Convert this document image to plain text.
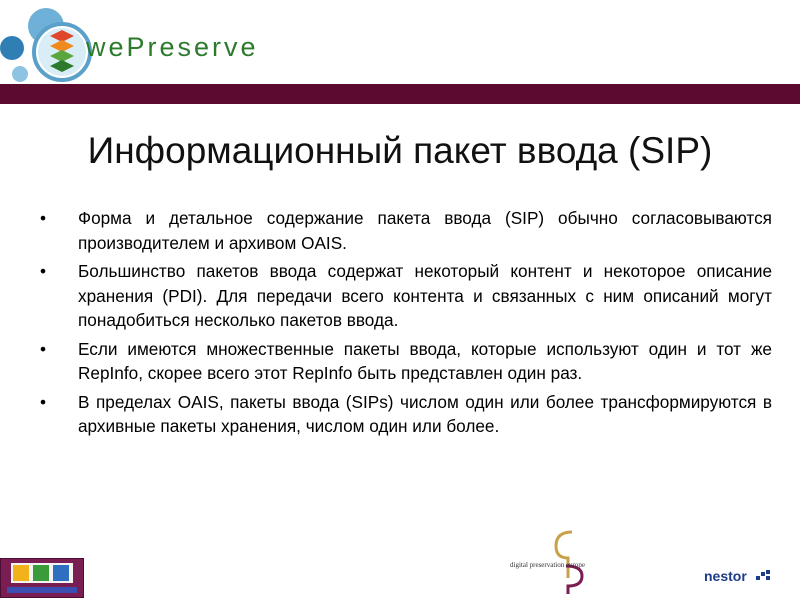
wePreserve
Информационный пакет ввода (SIP)
• Форма и детальное содержание пакета ввода (SIP) обычно согласовываются производителем и архивом OAIS.
• Большинство пакетов ввода содержат некоторый контент и некоторое описание хранения (PDI). Для передачи всего контента и связанных с ним описаний могут понадобиться несколько пакетов ввода.
• Если имеются множественные пакеты ввода, которые используют один и тот же RepInfo, скорее всего этот RepInfo быть представлен один раз.
• В пределах OAIS, пакеты ввода (SIPs) числом один или более трансформируются в архивные пакеты хранения, числом один или более.
digital preservation europe
nestor
